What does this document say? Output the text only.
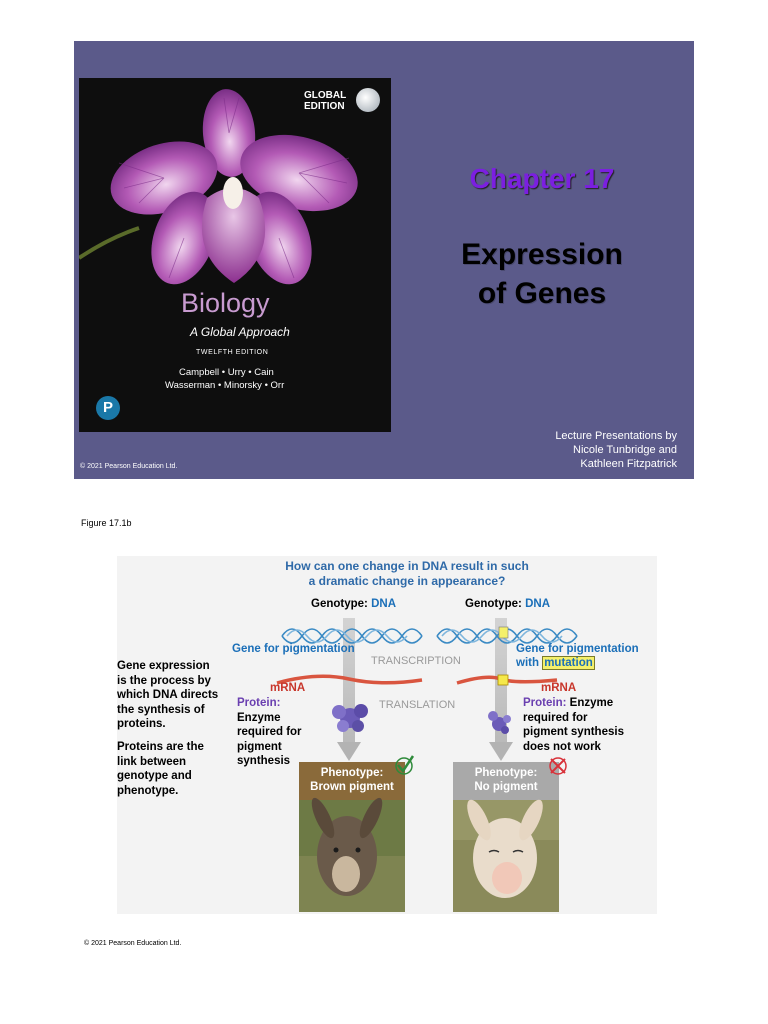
GLOBAL
EDITION
Biology
A Global Approach
TWELFTH EDITION
Campbell • Urry • Cain
Wasserman • Minorsky • Orr
P
Chapter 17
Expression
of Genes
Lecture Presentations by
Nicole Tunbridge and
Kathleen Fitzpatrick
© 2021 Pearson Education Ltd.
Figure 17.1b
How can one change in DNA result in such
a dramatic change in appearance?
Genotype: DNA	Genotype: DNA
Gene for pigmentation	Gene for pigmentation
with mutation
TRANSCRIPTION
TRANSLATION
mRNA	mRNA
Protein:
Enzyme
required for
pigment
synthesis
Protein: Enzyme
required for
pigment synthesis
does not work
Phenotype:
Brown pigment
Phenotype:
No pigment
Gene expression
is the process by
which DNA directs
the synthesis of
proteins.
Proteins are the
link between
genotype and
phenotype.
© 2021 Pearson Education Ltd.
